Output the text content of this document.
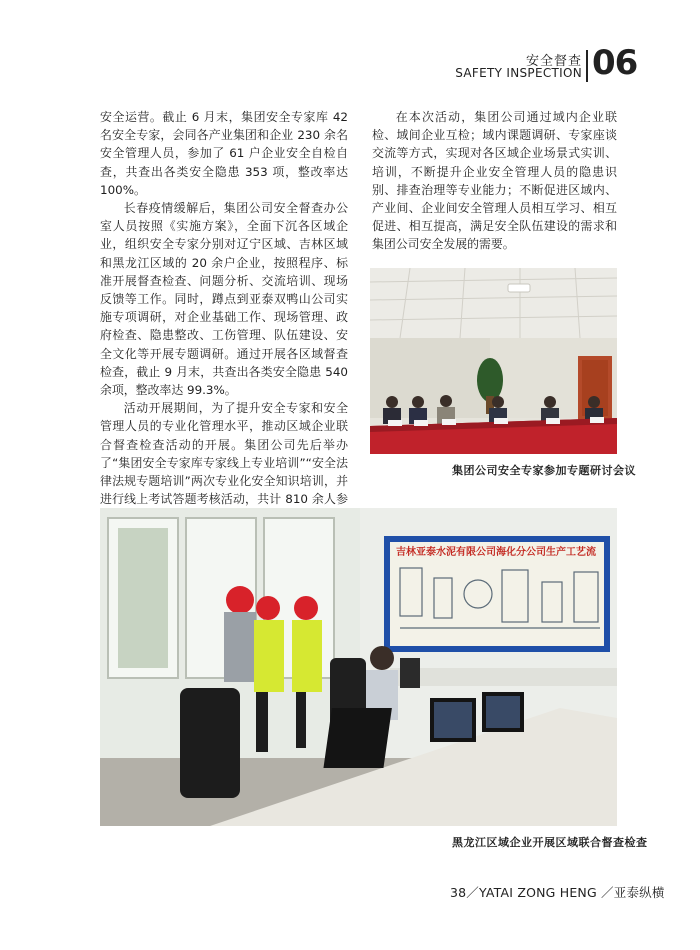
安全督查
SAFETY INSPECTION 06

安全运营。截止 6 月末，集团安全专家库 42 名安全专家，会同各产业集团和企业 230 余名安全管理人员，参加了 61 户企业安全自检自查，共查出各类安全隐患 353 项，整改率达 100%。

长春疫情缓解后，集团公司安全督查办公室人员按照《实施方案》，全面下沉各区域企业，组织安全专家分别对辽宁区域、吉林区域和黑龙江区域的 20 余户企业，按照程序、标准开展督查检查、问题分析、交流培训、现场反馈等工作。同时，蹲点到亚泰双鸭山公司实施专项调研，对企业基础工作、现场管理、政府检查、隐患整改、工伤管理、队伍建设、安全文化等开展专题调研。通过开展各区域督查检查，截止 9 月末，共查出各类安全隐患 540 余项，整改率达 99.3%。

活动开展期间，为了提升安全专家和安全管理人员的专业化管理水平，推动区域企业联合督查检查活动的开展。集团公司先后举办了“集团安全专家库专家线上专业培训”“安全法律法规专题培训”两次专业化安全知识培训，并进行线上考试答题考核活动，共计 810 余人参

在本次活动，集团公司通过域内企业联检、域间企业互检；域内课题调研、专家座谈交流等方式，实现对各区域企业场景式实训、培训，不断提升企业安全管理人员的隐患识别、排查治理等专业能力；不断促进区域内、产业间、企业间安全管理人员相互学习、相互促进、相互提高，满足安全队伍建设的需求和集团公司安全发展的需要。

集团公司安全专家参加专题研讨会议
吉林亚泰水泥有限公司海化分公司生产工艺流
黑龙江区域企业开展区域联合督查检查
38／YATAI ZONG HENG ／亚泰纵横
